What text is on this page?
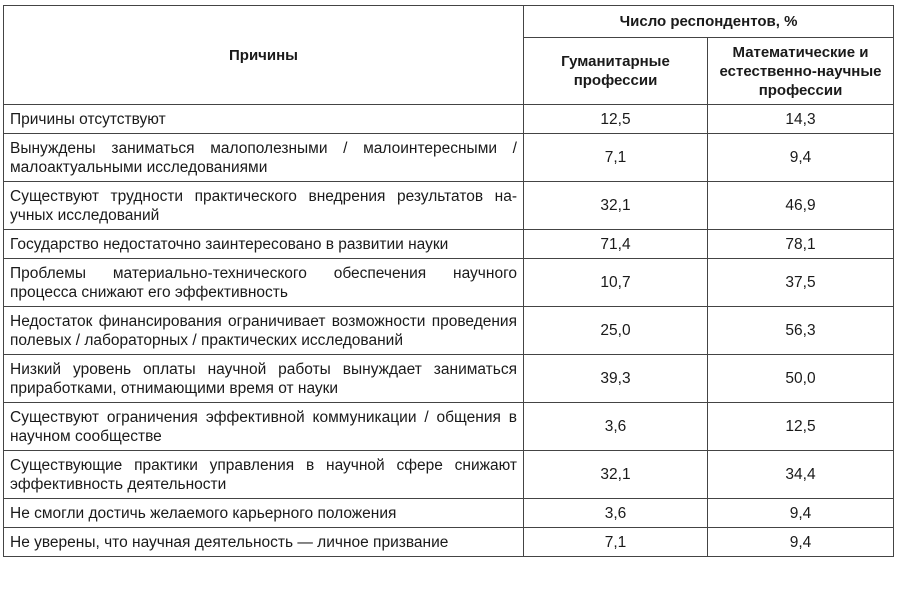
Причины	Число респондентов, %	
	Гуманитарные профессии	Математические и естественно-научные профессии
Причины отсутствуют	12,5	14,3
Вынуждены заниматься малополезными / малоинтересными / малоактуальными исследованиями	7,1	9,4
Существуют трудности практического внедрения результатов научных исследований	32,1	46,9
Государство недостаточно заинтересовано в развитии науки	71,4	78,1
Проблемы материально-технического обеспечения научного процесса снижают его эффективность	10,7	37,5
Недостаток финансирования ограничивает возможности проведения полевых / лабораторных / практических исследований	25,0	56,3
Низкий уровень оплаты научной работы вынуждает заниматься приработками, отнимающими время от науки	39,3	50,0
Существуют ограничения эффективной коммуникации / общения в научном сообществе	3,6	12,5
Существующие практики управления в научной сфере снижают эффективность деятельности	32,1	34,4
Не смогли достичь желаемого карьерного положения	3,6	9,4
Не уверены, что научная деятельность — личное призвание	7,1	9,4
